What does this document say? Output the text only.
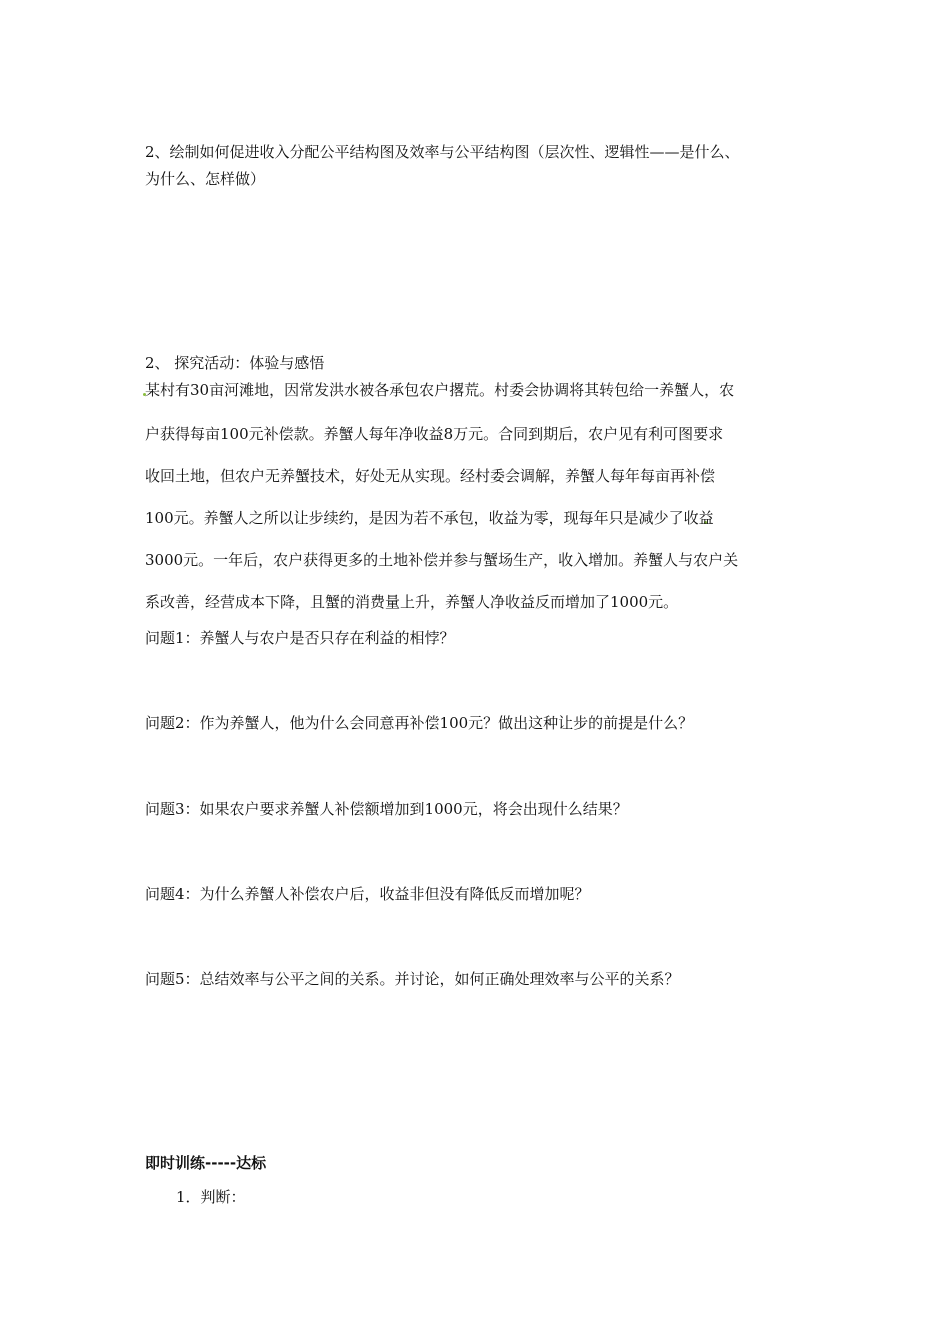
2、绘制如何促进收入分配公平结构图及效率与公平结构图（层次性、逻辑性——是什么、
为什么、怎样做）
2、 探究活动：体验与感悟
某村有30亩河滩地，因常发洪水被各承包农户撂荒。村委会协调将其转包给一养蟹人，农
户获得每亩100元补偿款。养蟹人每年净收益8万元。合同到期后，农户见有利可图要求
收回土地，但农户无养蟹技术，好处无从实现。经村委会调解，养蟹人每年每亩再补偿
100元。养蟹人之所以让步续约，是因为若不承包，收益为零，现每年只是减少了收益
3000元。一年后，农户获得更多的土地补偿并参与蟹场生产，收入增加。养蟹人与农户关
系改善，经营成本下降，且蟹的消费量上升，养蟹人净收益反而增加了1000元。
问题1：养蟹人与农户是否只存在利益的相悖？
问题2：作为养蟹人，他为什么会同意再补偿100元？做出这种让步的前提是什么？
问题3：如果农户要求养蟹人补偿额增加到1000元，将会出现什么结果？
问题4：为什么养蟹人补偿农户后，收益非但没有降低反而增加呢？
问题5：总结效率与公平之间的关系。并讨论，如何正确处理效率与公平的关系？
即时训练-----达标
1．判断：
